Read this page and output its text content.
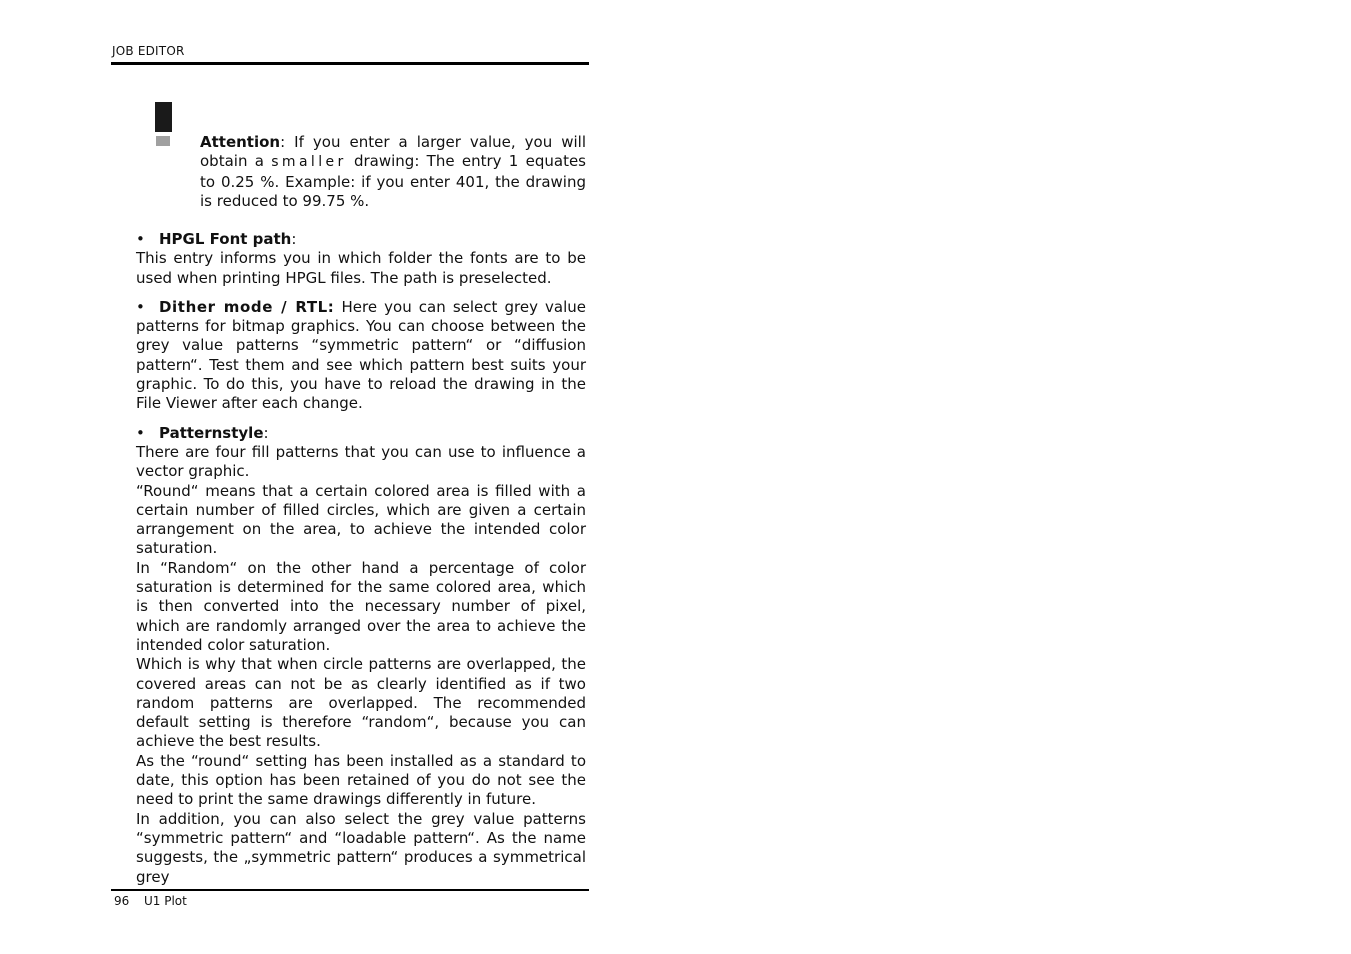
JOB EDITOR
Attention: If you enter a larger value, you will obtain a smaller drawing: The entry 1 equates to 0.25 %. Example: if you enter 401, the drawing is reduced to 99.75 %.

• HPGL Font path:

This entry informs you in which folder the fonts are to be used when printing HPGL files. The path is preselected.

• Dither mode / RTL: Here you can select grey value patterns for bitmap graphics. You can choose between the grey value patterns “symmetric pattern“ or “diffusion pattern“. Test them and see which pattern best suits your graphic. To do this, you have to reload the drawing in the File Viewer after each change.

• Patternstyle:

There are four fill patterns that you can use to influence a vector graphic.

“Round“ means that a certain colored area is filled with a certain number of filled circles, which are given a certain arrangement on the area, to achieve the intended color saturation.

In “Random“ on the other hand a percentage of color saturation is determined for the same colored area, which is then converted into the necessary number of pixel, which are randomly arranged over the area to achieve the intended color saturation.

Which is why that when circle patterns are overlapped, the covered areas can not be as clearly identified as if two random patterns are overlapped. The recommended default setting is therefore “random“, because you can achieve the best results.

As the “round“ setting has been installed as a standard to date, this option has been retained of you do not see the need to print the same drawings differently in future.

In addition, you can also select the grey value patterns “symmetric pattern“ and “loadable pattern“. As the name suggests, the „symmetric pattern“ produces a symmetrical grey

96 U1 Plot
